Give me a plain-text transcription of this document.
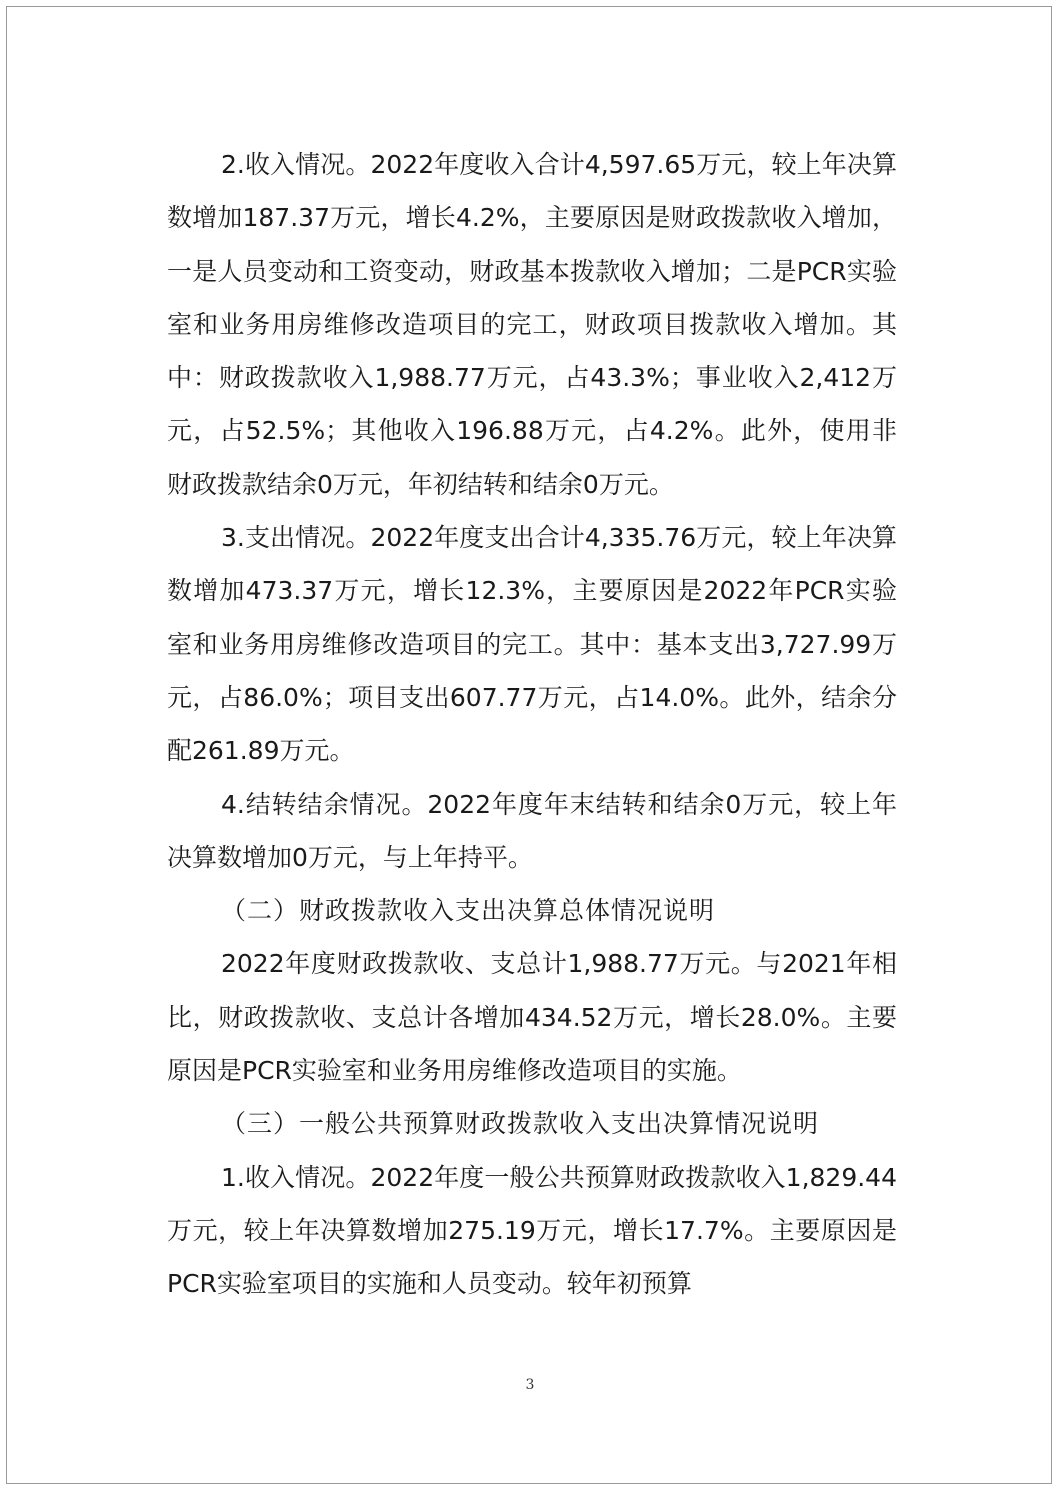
2.收入情况。2022年度收入合计4,597.65万元，较上年决算数增加187.37万元，增长4.2%，主要原因是财政拨款收入增加，一是人员变动和工资变动，财政基本拨款收入增加；二是PCR实验室和业务用房维修改造项目的完工，财政项目拨款收入增加。其中：财政拨款收入1,988.77万元，占43.3%；事业收入2,412万元，占52.5%；其他收入196.88万元，占4.2%。此外，使用非财政拨款结余0万元，年初结转和结余0万元。

3.支出情况。2022年度支出合计4,335.76万元，较上年决算数增加473.37万元，增长12.3%，主要原因是2022年PCR实验室和业务用房维修改造项目的完工。其中：基本支出3,727.99万元，占86.0%；项目支出607.77万元，占14.0%。此外，结余分配261.89万元。

4.结转结余情况。2022年度年末结转和结余0万元，较上年决算数增加0万元，与上年持平。

（二）财政拨款收入支出决算总体情况说明

2022年度财政拨款收、支总计1,988.77万元。与2021年相比，财政拨款收、支总计各增加434.52万元，增长28.0%。主要原因是PCR实验室和业务用房维修改造项目的实施。

（三）一般公共预算财政拨款收入支出决算情况说明

1.收入情况。2022年度一般公共预算财政拨款收入1,829.44万元，较上年决算数增加275.19万元，增长17.7%。主要原因是PCR实验室项目的实施和人员变动。较年初预算

3
